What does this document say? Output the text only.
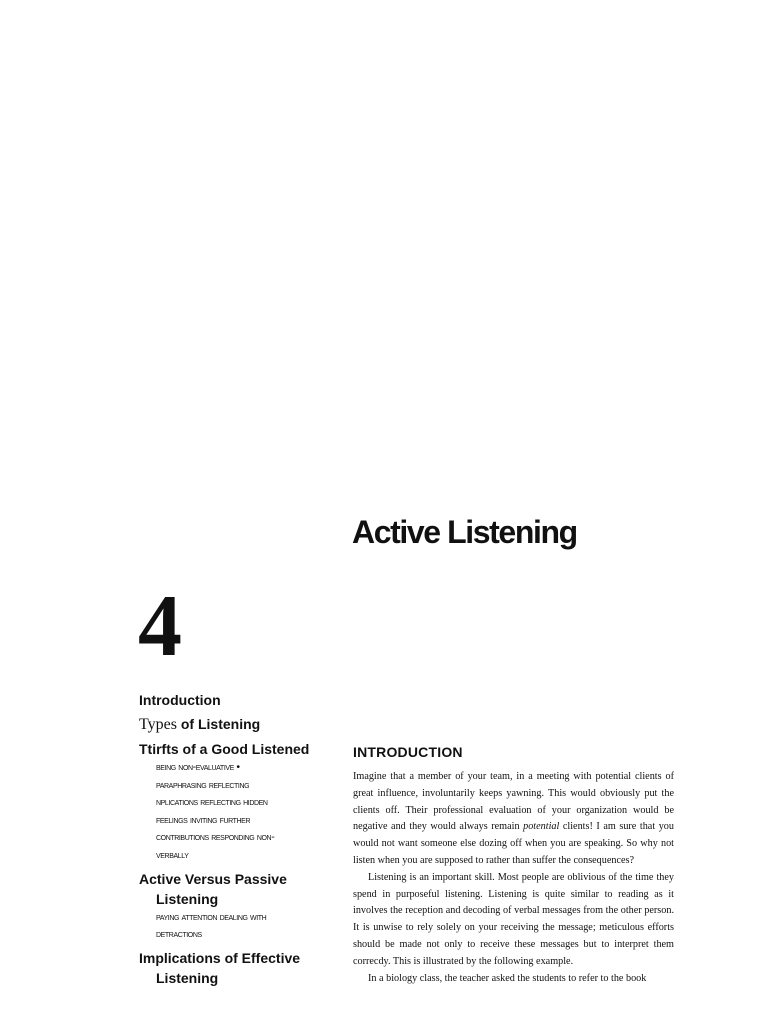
Active Listening
4
Introduction
Types of Listening
Ttirfts of a Good Listened
being non-evaluative •
paraphrasing reflecting
nplications reflecting hidden
feelings inviting further
contributions responding non-
verbally
Active Versus Passive
Listening
paying attention dealing with
detractions
Implications of Effective
Listening
INTRODUCTION

Imagine that a member of your team, in a meeting with potential clients of great influence, involuntarily keeps yawning. This would obviously put the clients off. Their professional evaluation of your organization would be negative and they would always remain potential clients! I am sure that you would not want someone else dozing off when you are speaking. So why not listen when you are supposed to rather than suffer the consequences?

Listening is an important skill. Most people are oblivious of the time they spend in purposeful listening. Listening is quite similar to reading as it involves the reception and decoding of verbal messages from the other person. It is unwise to rely solely on your receiving the message; meticulous efforts should be made not only to receive these messages but to interpret them correcdy. This is illustrated by the following example.

In a biology class, the teacher asked the students to refer to the book
